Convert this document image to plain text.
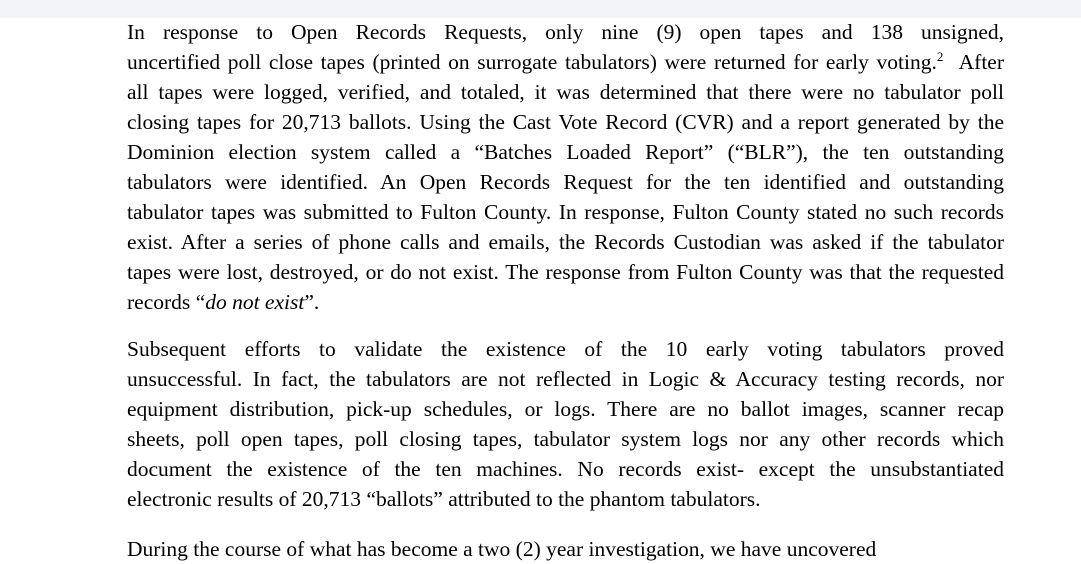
In response to Open Records Requests, only nine (9) open tapes and 138 unsigned,
uncertified poll close tapes (printed on surrogate tabulators) were returned for early voting.$^2$ After
all tapes were logged, verified, and totaled, it was determined that there were no tabulator poll
closing tapes for 20,713 ballots. Using the Cast Vote Record (CVR) and a report generated by the
Dominion election system called a “Batches Loaded Report” (“BLR”), the ten outstanding
tabulators were identified. An Open Records Request for the ten identified and outstanding
tabulator tapes was submitted to Fulton County. In response, Fulton County stated no such records
exist. After a series of phone calls and emails, the Records Custodian was asked if the tabulator
tapes were lost, destroyed, or do not exist. The response from Fulton County was that the requested
records “do not exist”.

Subsequent efforts to validate the existence of the 10 early voting tabulators proved
unsuccessful. In fact, the tabulators are not reflected in Logic & Accuracy testing records, nor
equipment distribution, pick-up schedules, or logs. There are no ballot images, scanner recap
sheets, poll open tapes, poll closing tapes, tabulator system logs nor any other records which
document the existence of the ten machines. No records exist- except the unsubstantiated
electronic results of 20,713 “ballots” attributed to the phantom tabulators.

During the course of what has become a two (2) year investigation, we have uncovered
